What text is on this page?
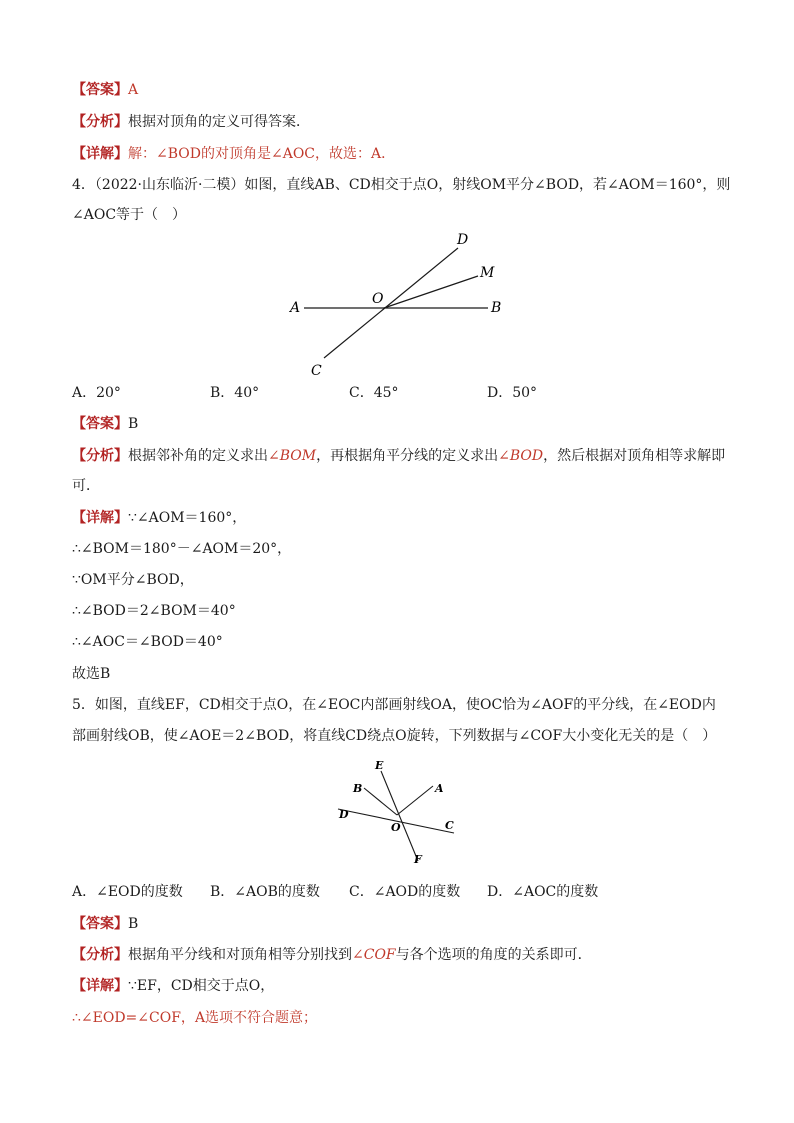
【答案】A
【分析】根据对顶角的定义可得答案．
【详解】解：∠BOD的对顶角是∠AOC，故选：A．
4．（2022·山东临沂·二模）如图，直线AB、CD相交于点O，射线OM平分∠BOD，若∠AOM＝160°，则
∠AOC等于（　）
D
M
A
O
B
C
A．20°	B．40°	C．45°	D．50°
【答案】B
【分析】根据邻补角的定义求出∠BOM，再根据角平分线的定义求出∠BOD，然后根据对顶角相等求解即
可．
【详解】∵∠AOM＝160°，
∴∠BOM＝180°－∠AOM＝20°，
∵OM平分∠BOD，
∴∠BOD＝2∠BOM＝40°
∴∠AOC＝∠BOD＝40°
故选B
5．如图，直线EF，CD相交于点O，在∠EOC内部画射线OA，使OC恰为∠AOF的平分线，在∠EOD内
部画射线OB，使∠AOE＝2∠BOD，将直线CD绕点O旋转，下列数据与∠COF大小变化无关的是（　）
E
B	A
D
O	C
F
A．∠EOD的度数 B．∠AOB的度数 C．∠AOD的度数 D．∠AOC的度数
【答案】B
【分析】根据角平分线和对顶角相等分别找到∠COF与各个选项的角度的关系即可．
【详解】∵EF，CD相交于点O，
∴∠EOD=∠COF，A选项不符合题意；
